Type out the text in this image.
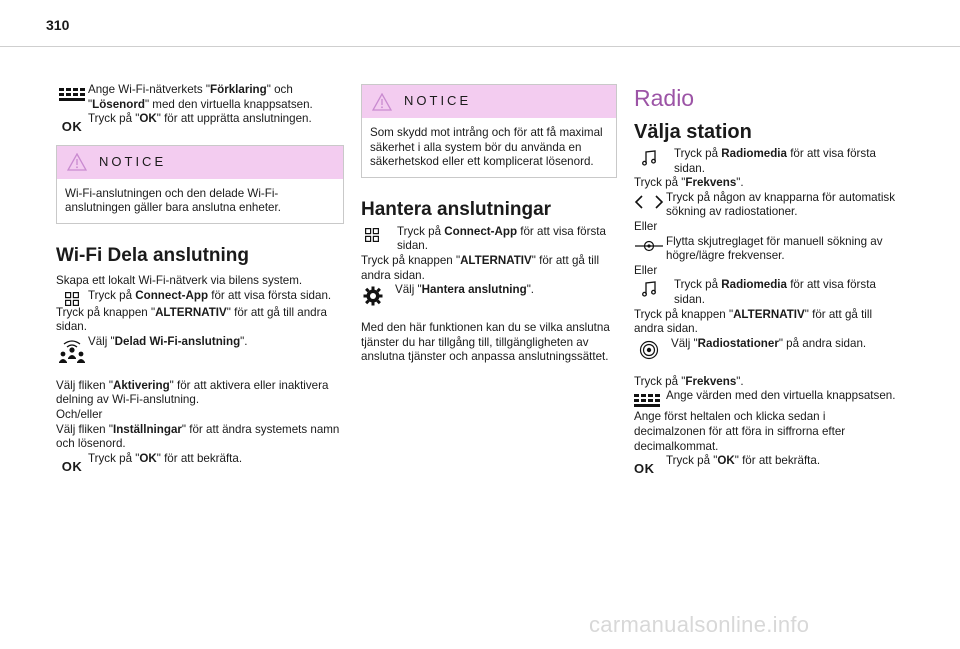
310

Ange Wi-Fi-nätverkets "Förklaring" och "Lösenord" med den virtuella knappsatsen.

OK

Tryck på "OK" för att upprätta anslutningen.

NOTICE
Wi-Fi-anslutningen och den delade Wi-Fi-anslutningen gäller bara anslutna enheter.
Wi-Fi Dela anslutning

Skapa ett lokalt Wi-Fi-nätverk via bilens system.

Tryck på Connect-App för att visa första sidan.

Tryck på knappen "ALTERNATIV" för att gå till andra sidan.

Välj "Delad Wi-Fi-anslutning".

Välj fliken "Aktivering" för att aktivera eller inaktivera delning av Wi-Fi-anslutning.

Och/eller

Välj fliken "Inställningar" för att ändra systemets namn och lösenord.

OK

Tryck på "OK" för att bekräfta.

NOTICE
Som skydd mot intrång och för att få maximal säkerhet i alla system bör du använda en säkerhetskod eller ett komplicerat lösenord.
Hantera anslutningar

Tryck på Connect-App för att visa första sidan.

Tryck på knappen "ALTERNATIV" för att gå till andra sidan.

Välj "Hantera anslutning".

Med den här funktionen kan du se vilka anslutna tjänster du har tillgång till, tillgängligheten av anslutna tjänster och anpassa anslutningssättet.

Radio
Välja station

Tryck på Radiomedia för att visa första sidan.

Tryck på "Frekvens".

Tryck på någon av knapparna för automatisk sökning av radiostationer.

Eller

Flytta skjutreglaget för manuell sökning av högre/lägre frekvenser.

Eller

Tryck på Radiomedia för att visa första sidan.

Tryck på knappen "ALTERNATIV" för att gå till andra sidan.

Välj "Radiostationer" på andra sidan.

Tryck på "Frekvens".

Ange värden med den virtuella knappsatsen.

Ange först heltalen och klicka sedan i decimalzonen för att föra in siffrorna efter decimalkommat.

OK

Tryck på "OK" för att bekräfta.

carmanualsonline.info
